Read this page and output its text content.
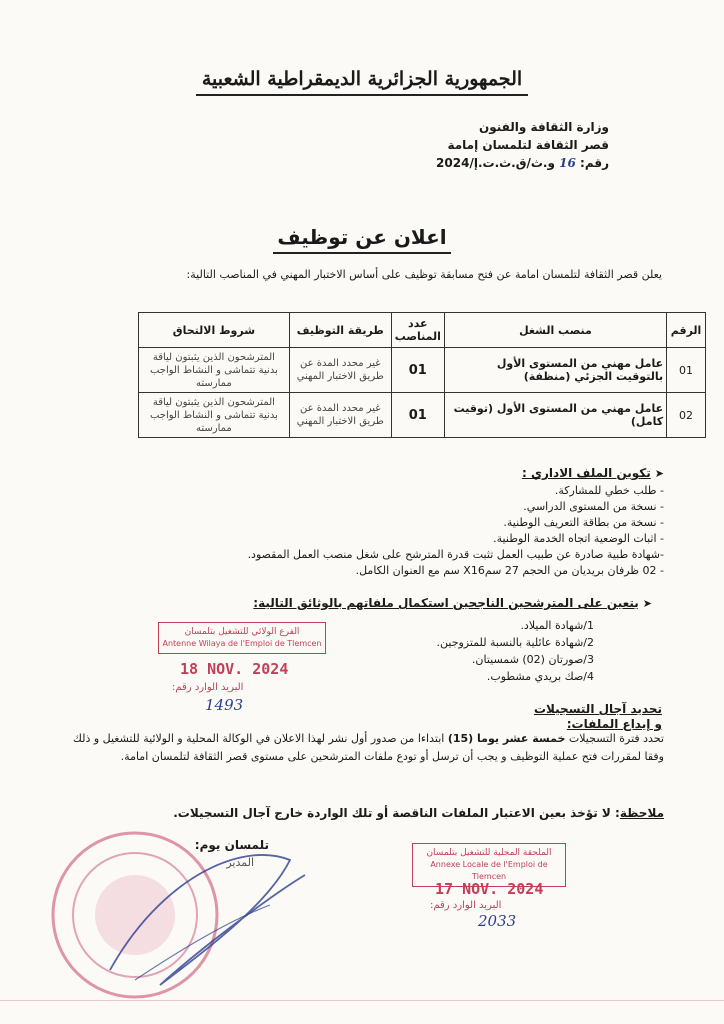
الجمهورية الجزائرية الديمقراطية الشعبية
وزارة الثقافة والفنون
قصر الثقافة لتلمسان إمامة
رقم: 16 و.ث/ق.ث.ت.إ/2024
اعلان عن توظيف
يعلن قصر الثقافة لتلمسان امامة عن فتح مسابقة توظيف على أساس الاختبار المهني في المناصب التالية:
الرقم	منصب الشغل	عدد المناصب	طريقة التوظيف	شروط الالتحاق
01	عامل مهني من المستوى الأول بالتوقيت الجزئي (منظفة)	01	غير محدد المدة عن طريق الاختبار المهني	المترشحون الذين يثبتون لياقة بدنية تتماشى و النشاط الواجب ممارسته
02	عامل مهني من المستوى الأول (توقيت كامل)	01	غير محدد المدة عن طريق الاختبار المهني	المترشحون الذين يثبتون لياقة بدنية تتماشى و النشاط الواجب ممارسته
➤تكوين الملف الاداري :
- طلب خطي للمشاركة.
- نسخة من المستوى الدراسي.
- نسخة من بطاقة التعريف الوطنية.
- اثبات الوضعية اتجاه الخدمة الوطنية.
-شهادة طبية صادرة عن طبيب العمل تثبت قدرة المترشح على شغل منصب العمل المقصود.
- 02 ظرفان بريديان من الحجم 27 سمX16 سم مع العنوان الكامل.
➤يتعين على المترشحين الناجحين استكمال ملفاتهم بالوثائق التالية:
1/شهادة الميلاد.
2/شهادة عائلية بالنسبة للمتزوجين.
3/صورتان (02) شمسيتان.
4/صك بريدي مشطوب.
تحديد آجال التسجيلات
و إيداع الملفات:
تحدد فترة التسجيلات خمسة عشر يوما (15) ابتداءا من صدور أول نشر لهذا الاعلان في الوكالة المحلية و الولائية للتشغيل و ذلك وفقا لمقررات فتح عملية التوظيف و يجب أن ترسل أو تودع ملفات المترشحين على مستوى قصر الثقافة لتلمسان امامة.
ملاحظة: لا تؤخذ بعين الاعتبار الملفات الناقصة أو تلك الواردة خارج آجال التسجيلات.
تلمسان يوم:
المدير
الفرع الولائي للتشغيل بتلمسان
Antenne Wilaya de l'Emploi de Tlemcen
18 NOV. 2024
البريد الوارد رقم:
1493
الملحقة المحلية للتشغيل بتلمسان
Annexe Locale de l'Emploi de Tlemcen
17 NOV. 2024
البريد الوارد رقم:
2033
